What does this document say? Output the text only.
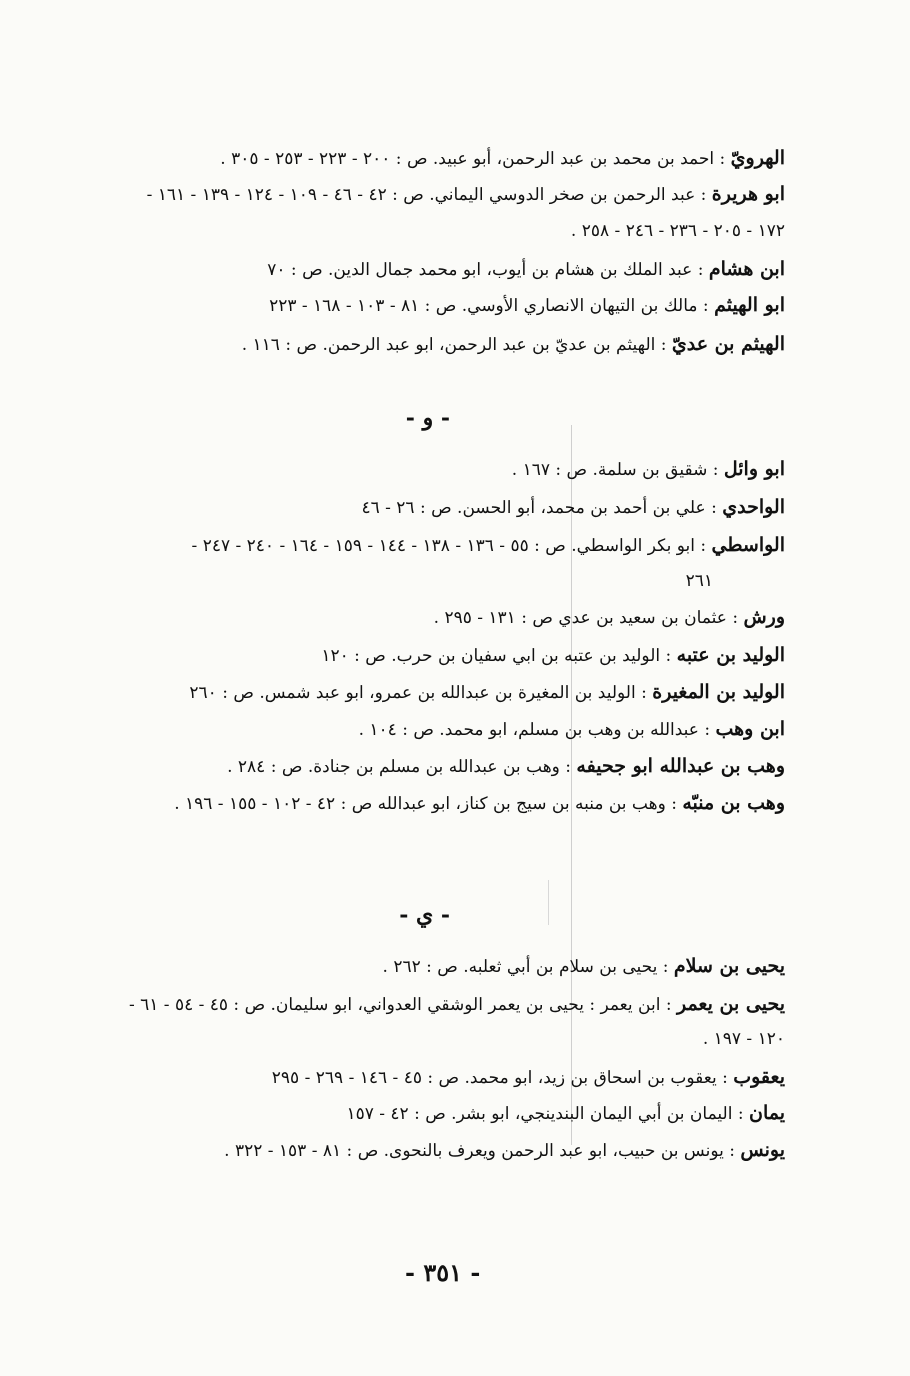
الهرويّ : احمد بن محمد بن عبد الرحمن، أبو عبيد. ص : ٢٠٠ - ٢٢٣ - ٢٥٣ - ٣٠٥ .
ابو هريرة : عبد الرحمن بن صخر الدوسي اليماني. ص : ٤٢ - ٤٦ - ١٠٩ - ١٢٤ - ١٣٩ - ١٦١ -
١٧٢ - ٢٠٥ - ٢٣٦ - ٢٤٦ - ٢٥٨ .
ابن هشام : عبد الملك بن هشام بن أيوب، ابو محمد جمال الدين. ص : ٧٠
ابو الهيثم : مالك بن التيهان الانصاري الأوسي. ص : ٨١ - ١٠٣ - ١٦٨ - ٢٢٣
الهيثم بن عديّ : الهيثم بن عديّ بن عبد الرحمن، ابو عبد الرحمن. ص : ١١٦ .
- و -
ابو وائل : شقيق بن سلمة. ص : ١٦٧ .
الواحدي : علي بن أحمد بن محمد، أبو الحسن. ص : ٢٦ - ٤٦
الواسطي : ابو بكر الواسطي. ص : ٥٥ - ١٣٦ - ١٣٨ - ١٤٤ - ١٥٩ - ١٦٤ - ٢٤٠ - ٢٤٧ -
٢٦١
ورش : عثمان بن سعيد بن عدي ص : ١٣١ - ٢٩٥ .
الوليد بن عتبه : الوليد بن عتبه بن ابي سفيان بن حرب. ص : ١٢٠
الوليد بن المغيرة : الوليد بن المغيرة بن عبدالله بن عمرو، ابو عبد شمس. ص : ٢٦٠
ابن وهب : عبدالله بن وهب بن مسلم، ابو محمد. ص : ١٠٤ .
وهب بن عبدالله ابو جحيفه : وهب بن عبدالله بن مسلم بن جنادة. ص : ٢٨٤ .
وهب بن منبّه : وهب بن منبه بن سيج بن كناز، ابو عبدالله ص : ٤٢ - ١٠٢ - ١٥٥ - ١٩٦ .
- ي -
يحيى بن سلام : يحيى بن سلام بن أبي ثعلبه. ص : ٢٦٢ .
يحيى بن يعمر : ابن يعمر : يحيى بن يعمر الوشقي العدواني، ابو سليمان. ص : ٤٥ - ٥٤ - ٦١ -
١٢٠ - ١٩٧ .
يعقوب : يعقوب بن اسحاق بن زيد، ابو محمد. ص : ٤٥ - ١٤٦ - ٢٦٩ - ٢٩٥
يمان : اليمان بن أبي اليمان البندينجي، ابو بشر. ص : ٤٢ - ١٥٧
يونس : يونس بن حبيب، ابو عبد الرحمن ويعرف بالنحوى. ص : ٨١ - ١٥٣ - ٣٢٢ .
- ٣٥١ -
